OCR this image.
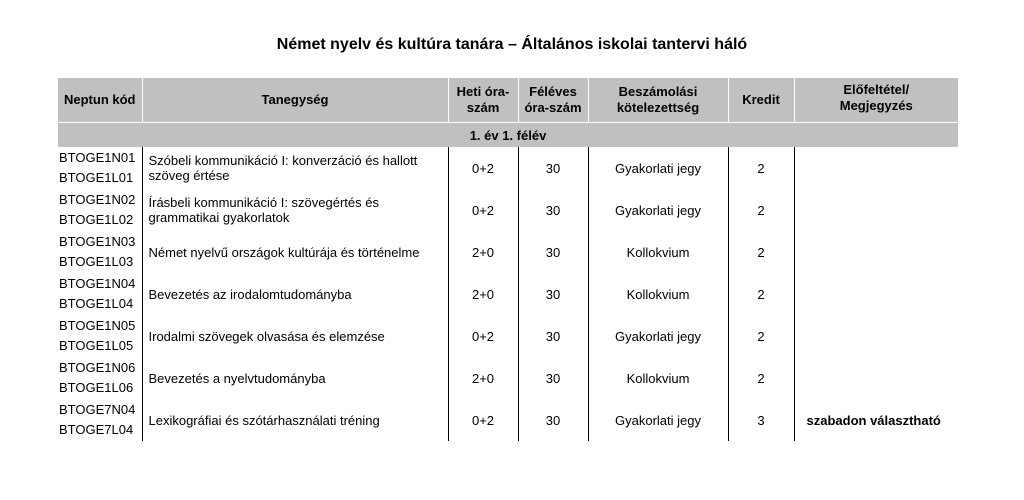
Német nyelv és kultúra tanára – Általános iskolai tantervi háló
Neptun kód	Tanegység	Heti óra-
szám	Féléves
óra-szám	Beszámolási
kötelezettség	Kredit	Előfeltétel/
Megjegyzés
1. év 1. félév						

BTOGE1N01
BTOGE1L01	Szóbeli kommunikáció I: konverzáció és hallott szöveg értése	0+2	30	Gyakorlati jegy	2	

BTOGE1N02
BTOGE1L02	Írásbeli kommunikáció I: szövegértés és grammatikai gyakorlatok	0+2	30	Gyakorlati jegy	2	

BTOGE1N03
BTOGE1L03	Német nyelvű országok kultúrája és történelme	2+0	30	Kollokvium	2	

BTOGE1N04
BTOGE1L04	Bevezetés az irodalomtudományba	2+0	30	Kollokvium	2	

BTOGE1N05
BTOGE1L05	Irodalmi szövegek olvasása és elemzése	0+2	30	Gyakorlati jegy	2	

BTOGE1N06
BTOGE1L06	Bevezetés a nyelvtudományba	2+0	30	Kollokvium	2	

BTOGE7N04
BTOGE7L04	Lexikográfiai és szótárhasználati tréning	0+2	30	Gyakorlati jegy	3	szabadon választható
